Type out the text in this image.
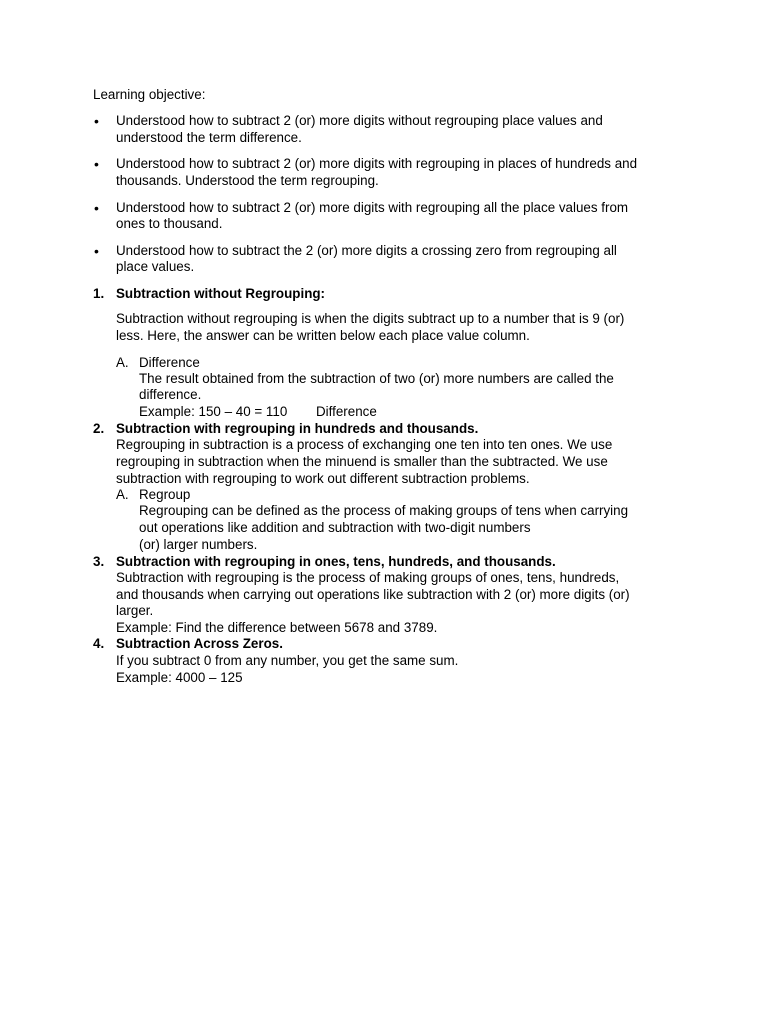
Learning objective:
• Understood how to subtract 2 (or) more digits without regrouping place values and
understood the term difference.
• Understood how to subtract 2 (or) more digits with regrouping in places of hundreds and
thousands. Understood the term regrouping.
• Understood how to subtract 2 (or) more digits with regrouping all the place values from
ones to thousand.
• Understood how to subtract the 2 (or) more digits a crossing zero from regrouping all
place values.
1. Subtraction without Regrouping:
Subtraction without regrouping is when the digits subtract up to a number that is 9 (or)
less. Here, the answer can be written below each place value column.
A. Difference
The result obtained from the subtraction of two (or) more numbers are called the
difference.
Example: 150 – 40 = 110 Difference
2. Subtraction with regrouping in hundreds and thousands.
Regrouping in subtraction is a process of exchanging one ten into ten ones. We use
regrouping in subtraction when the minuend is smaller than the subtracted. We use
subtraction with regrouping to work out different subtraction problems.
A. Regroup
Regrouping can be defined as the process of making groups of tens when carrying
out operations like addition and subtraction with two-digit numbers
(or) larger numbers.
3. Subtraction with regrouping in ones, tens, hundreds, and thousands.
Subtraction with regrouping is the process of making groups of ones, tens, hundreds,
and thousands when carrying out operations like subtraction with 2 (or) more digits (or)
larger.
Example: Find the difference between 5678 and 3789.
4. Subtraction Across Zeros.
If you subtract 0 from any number, you get the same sum.
Example: 4000 – 125
